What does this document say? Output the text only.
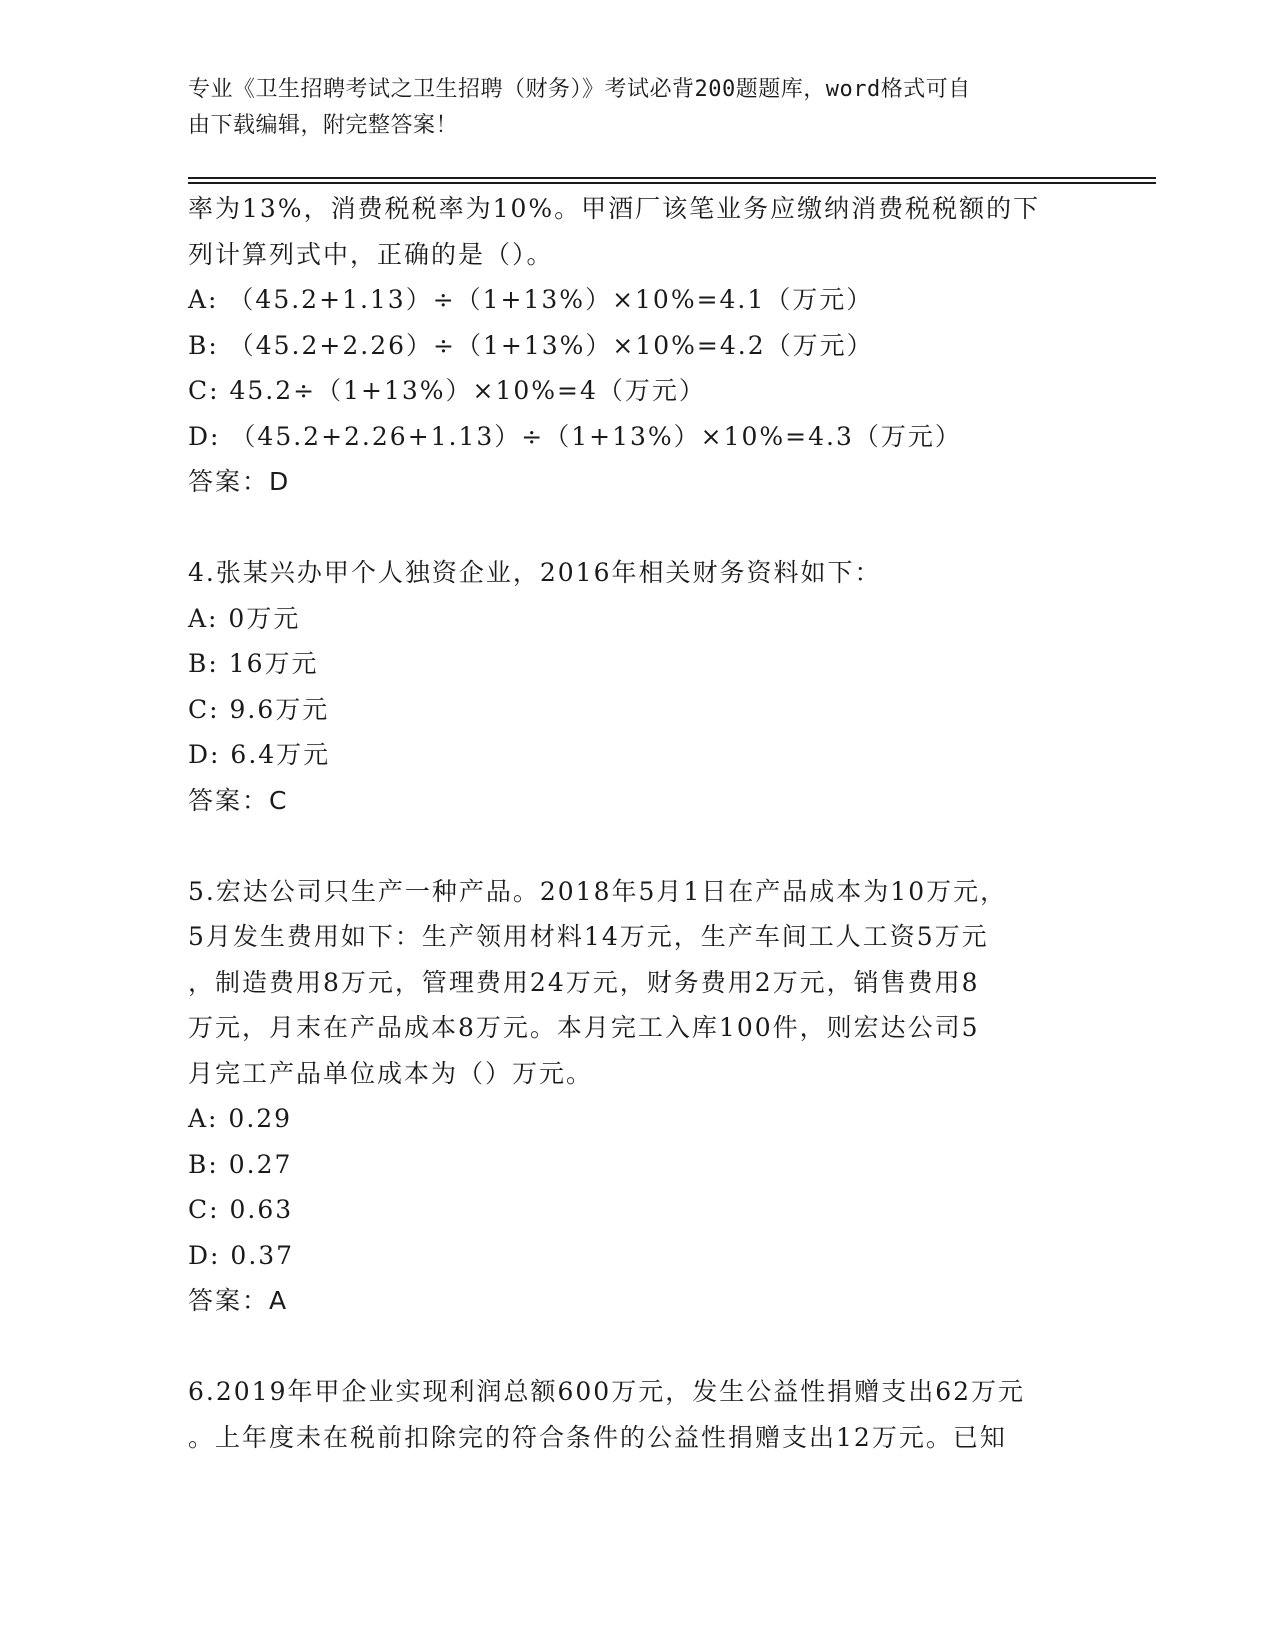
专业《卫生招聘考试之卫生招聘（财务）》考试必背200题题库，word格式可自
由下载编辑，附完整答案！
率为13%，消费税税率为10%。甲酒厂该笔业务应缴纳消费税税额的下
列计算列式中，正确的是（）。
A: （45.2+1.13）÷（1+13%）×10%=4.1（万元）
B: （45.2+2.26）÷（1+13%）×10%=4.2（万元）
C: 45.2÷（1+13%）×10%=4（万元）
D: （45.2+2.26+1.13）÷（1+13%）×10%=4.3（万元）
答案：D
4.张某兴办甲个人独资企业，2016年相关财务资料如下：
A: 0万元
B: 16万元
C: 9.6万元
D: 6.4万元
答案：C
5.宏达公司只生产一种产品。2018年5月1日在产品成本为10万元，
5月发生费用如下：生产领用材料14万元，生产车间工人工资5万元
，制造费用8万元，管理费用24万元，财务费用2万元，销售费用8
万元，月末在产品成本8万元。本月完工入库100件，则宏达公司5
月完工产品单位成本为（）万元。
A: 0.29
B: 0.27
C: 0.63
D: 0.37
答案：A
6.2019年甲企业实现利润总额600万元，发生公益性捐赠支出62万元
。上年度未在税前扣除完的符合条件的公益性捐赠支出12万元。已知
